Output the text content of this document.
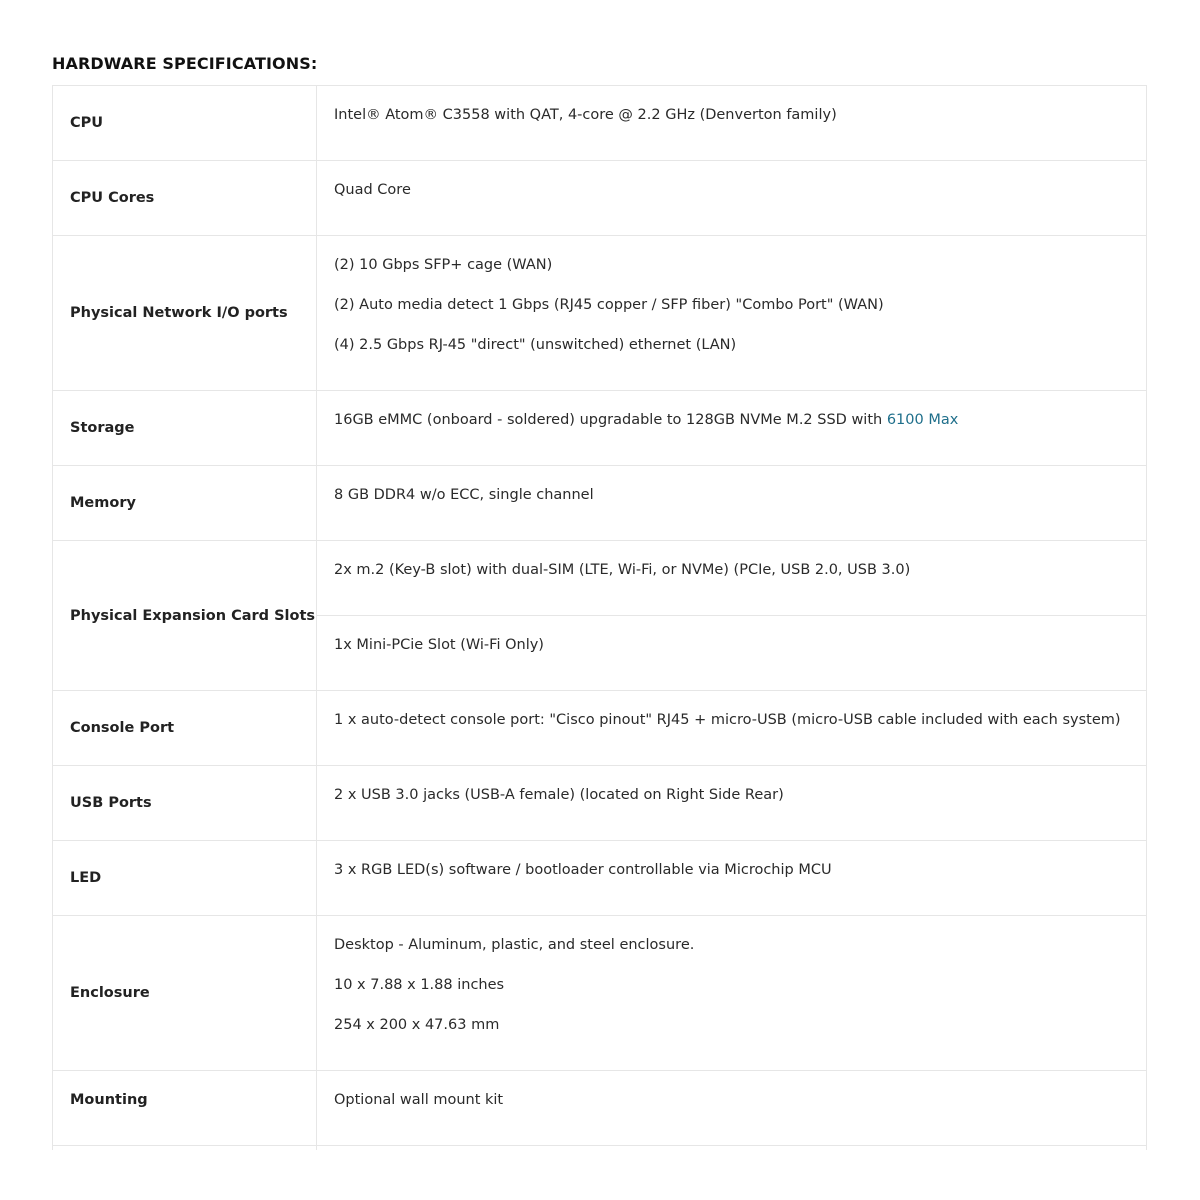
HARDWARE SPECIFICATIONS:
CPU	Intel® Atom® C3558 with QAT, 4-core @ 2.2 GHz (Denverton family)
CPU Cores	Quad Core
Physical Network I/O ports	(2) 10 Gbps SFP+ cage (WAN)
(2) Auto media detect 1 Gbps (RJ45 copper / SFP fiber) "Combo Port" (WAN)
(4) 2.5 Gbps RJ-45 "direct" (unswitched) ethernet (LAN)

Storage	16GB eMMC (onboard - soldered) upgradable to 128GB NVMe M.2 SSD with 6100 Max
Memory	8 GB DDR4 w/o ECC, single channel
Physical Expansion Card Slots	2x m.2 (Key-B slot) with dual-SIM (LTE, Wi-Fi, or NVMe) (PCIe, USB 2.0, USB 3.0)
	1x Mini-PCie Slot (Wi-Fi Only)
Console Port	1 x auto-detect console port: "Cisco pinout" RJ45 + micro-USB (micro-USB cable included with each system)
USB Ports	2 x USB 3.0 jacks (USB-A female) (located on Right Side Rear)
LED	3 x RGB LED(s) software / bootloader controllable via Microchip MCU
Enclosure	Desktop - Aluminum, plastic, and steel enclosure.
10 x 7.88 x 1.88 inches
254 x 200 x 47.63 mm

Mounting	Optional wall mount kit
